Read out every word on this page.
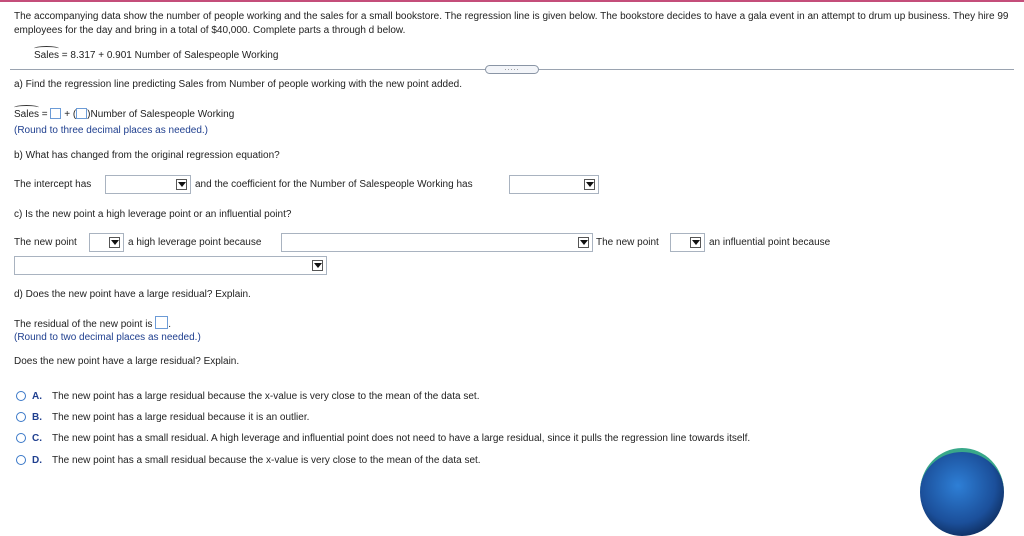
The accompanying data show the number of people working and the sales for a small bookstore. The regression line is given below. The bookstore decides to have a gala event in an attempt to drum up business. They hire 99 employees for the day and bring in a total of $40,000. Complete parts a through d below.
Sales = 8.317 + 0.901 Number of Salespeople Working
.....
a) Find the regression line predicting Sales from Number of people working with the new point added.
Sales =  + ( )Number of Salespeople Working
(Round to three decimal places as needed.)
b) What has changed from the original regression equation?
The intercept has	and the coefficient for the Number of Salespeople Working has
c) Is the new point a high leverage point or an influential point?
The new point	a high leverage point because	The new point	an influential point because
d) Does the new point have a large residual? Explain.
The residual of the new point is .
(Round to two decimal places as needed.)
Does the new point have a large residual? Explain.
A. The new point has a large residual because the x-value is very close to the mean of the data set.
B. The new point has a large residual because it is an outlier.
C. The new point has a small residual. A high leverage and influential point does not need to have a large residual, since it pulls the regression line towards itself.
D. The new point has a small residual because the x-value is very close to the mean of the data set.
